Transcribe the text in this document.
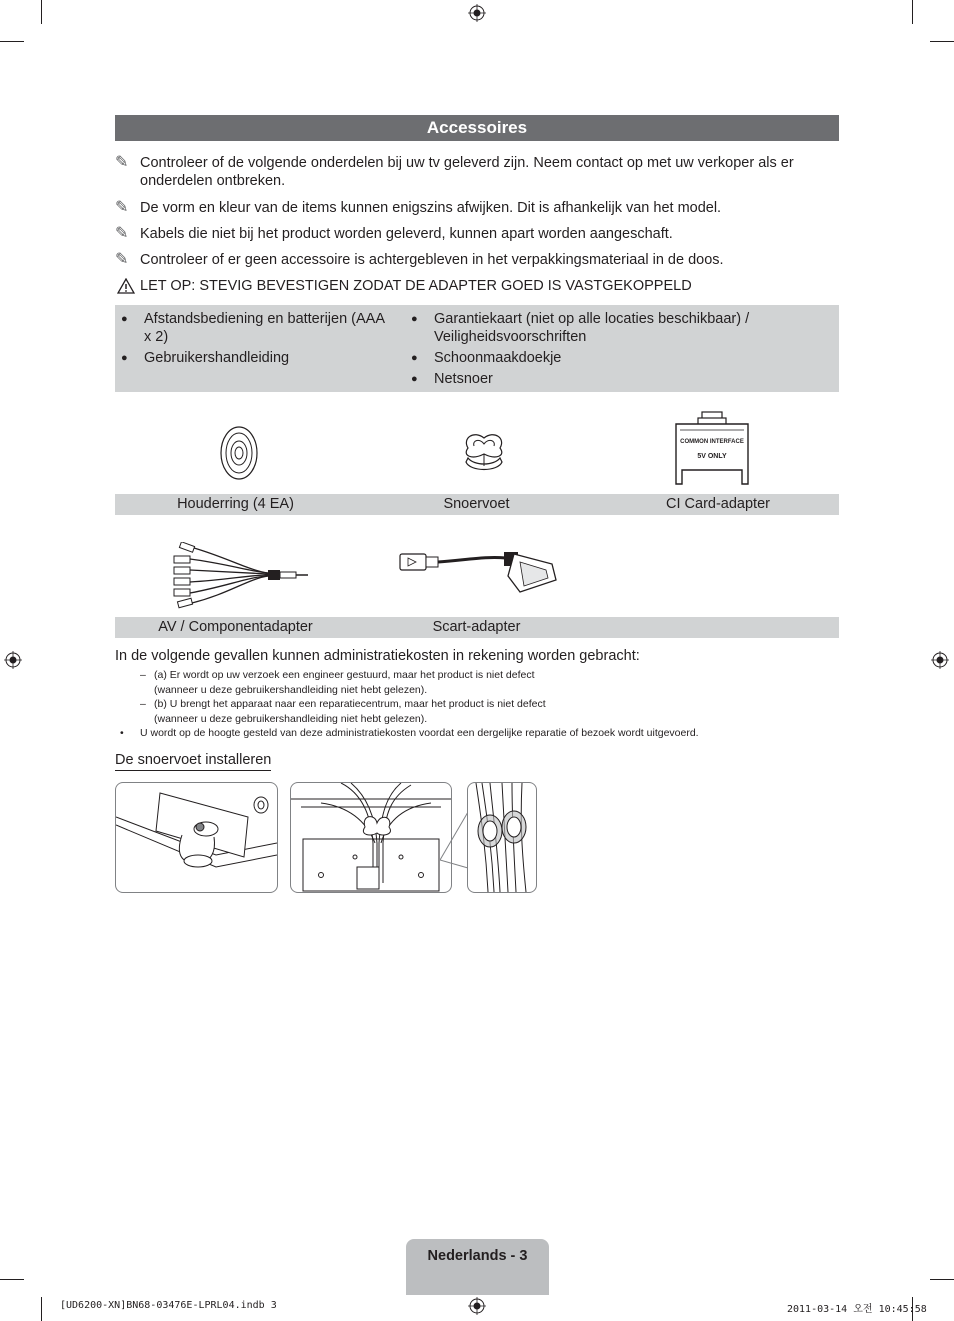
Accessoires
✎ Controleer of de volgende onderdelen bij uw tv geleverd zijn. Neem contact op met uw verkoper als er onderdelen ontbreken.
✎ De vorm en kleur van de items kunnen enigszins afwijken. Dit is afhankelijk van het model.
✎ Kabels die niet bij het product worden geleverd, kunnen apart worden aangeschaft.
✎ Controleer of er geen accessoire is achtergebleven in het verpakkingsmateriaal in de doos.
LET OP: STEVIG BEVESTIGEN ZODAT DE ADAPTER GOED IS VASTGEKOPPELD
● Afstandsbediening en batterijen (AAA x 2)
● Gebruikershandleiding
● Garantiekaart (niet op alle locaties beschikbaar) / Veiligheidsvoorschriften
● Schoonmaakdoekje
● Netsnoer
COMMON INTERFACE
5V ONLY
Houderring (4 EA)	Snoervoet	CI Card-adapter
AV / Componentadapter	Scart-adapter
In de volgende gevallen kunnen administratiekosten in rekening worden gebracht:
– (a) Er wordt op uw verzoek een engineer gestuurd, maar het product is niet defect
(wanneer u deze gebruikershandleiding niet hebt gelezen).
– (b) U brengt het apparaat naar een reparatiecentrum, maar het product is niet defect
(wanneer u deze gebruikershandleiding niet hebt gelezen).
• U wordt op de hoogte gesteld van deze administratiekosten voordat een dergelijke reparatie of bezoek wordt uitgevoerd.
De snoervoet installeren
Nederlands - 3
[UD6200-XN]BN68-03476E-LPRL04.indb 3	2011-03-14 오전 10:45:58
